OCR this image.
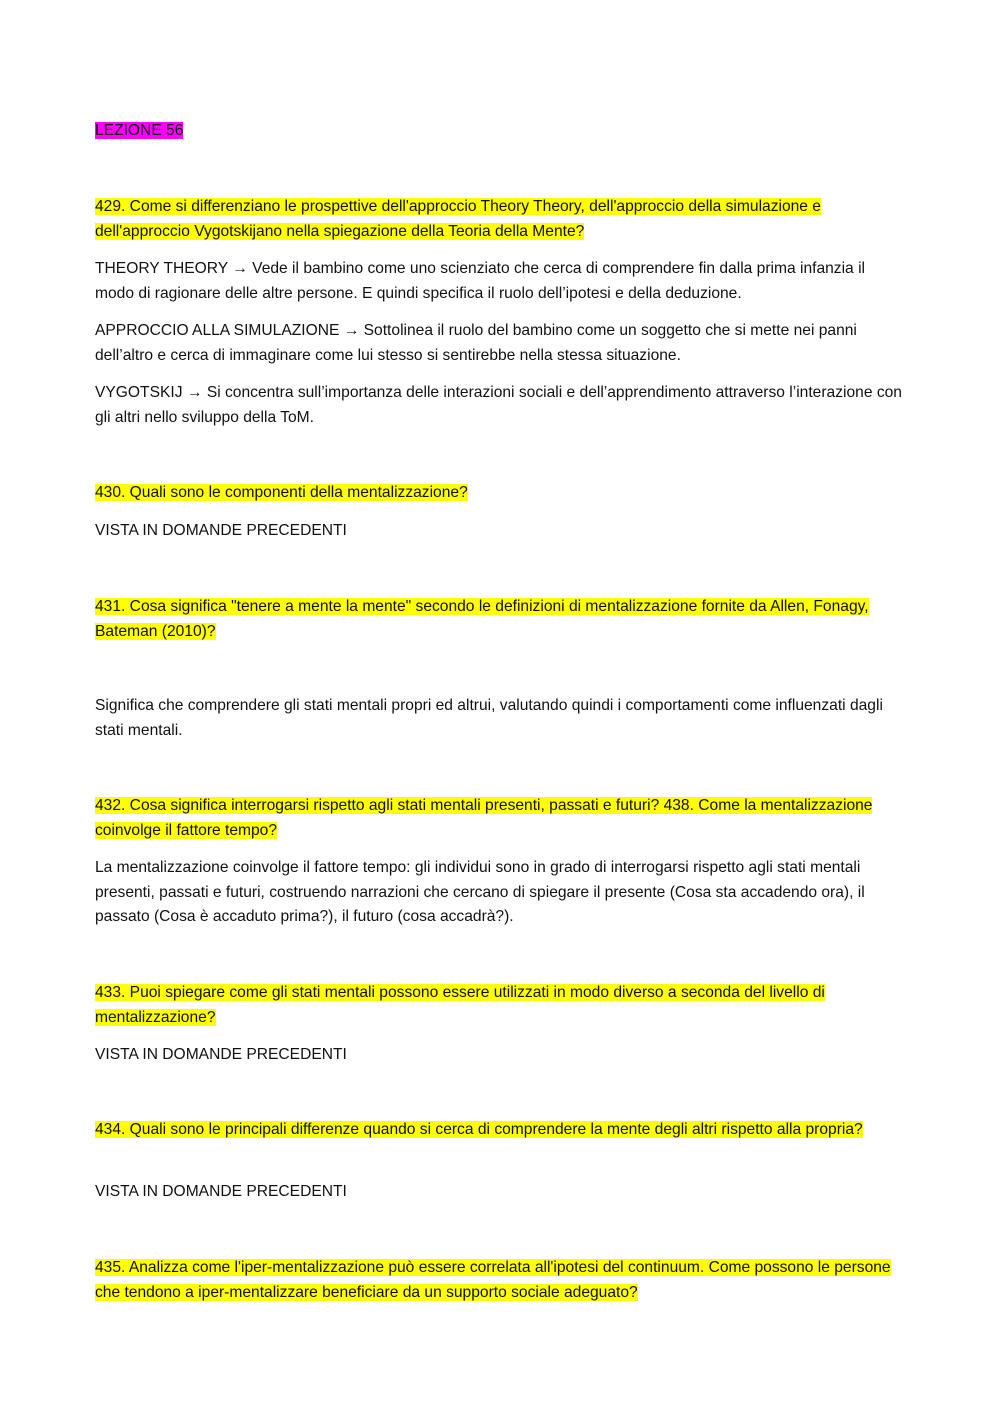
LEZIONE 56

429. Come si differenziano le prospettive dell'approccio Theory Theory, dell'approccio della simulazione e dell'approccio Vygotskijano nella spiegazione della Teoria della Mente?

THEORY THEORY → Vede il bambino come uno scienziato che cerca di comprendere fin dalla prima infanzia il modo di ragionare delle altre persone. E quindi specifica il ruolo dell’ipotesi e della deduzione.

APPROCCIO ALLA SIMULAZIONE → Sottolinea il ruolo del bambino come un soggetto che si mette nei panni dell’altro e cerca di immaginare come lui stesso si sentirebbe nella stessa situazione.

VYGOTSKIJ → Si concentra sull’importanza delle interazioni sociali e dell’apprendimento attraverso l’interazione con gli altri nello sviluppo della ToM.

430. Quali sono le componenti della mentalizzazione?

VISTA IN DOMANDE PRECEDENTI

431. Cosa significa "tenere a mente la mente" secondo le definizioni di mentalizzazione fornite da Allen, Fonagy, Bateman (2010)?

Significa che comprendere gli stati mentali propri ed altrui, valutando quindi i comportamenti come influenzati dagli stati mentali.

432. Cosa significa interrogarsi rispetto agli stati mentali presenti, passati e futuri? 438. Come la mentalizzazione coinvolge il fattore tempo?

La mentalizzazione coinvolge il fattore tempo: gli individui sono in grado di interrogarsi rispetto agli stati mentali presenti, passati e futuri, costruendo narrazioni che cercano di spiegare il presente (Cosa sta accadendo ora), il passato (Cosa è accaduto prima?), il futuro (cosa accadrà?).

433. Puoi spiegare come gli stati mentali possono essere utilizzati in modo diverso a seconda del livello di mentalizzazione?

VISTA IN DOMANDE PRECEDENTI

434. Quali sono le principali differenze quando si cerca di comprendere la mente degli altri rispetto alla propria?

VISTA IN DOMANDE PRECEDENTI

435. Analizza come l'iper-mentalizzazione può essere correlata all'ipotesi del continuum. Come possono le persone che tendono a iper-mentalizzare beneficiare da un supporto sociale adeguato?
